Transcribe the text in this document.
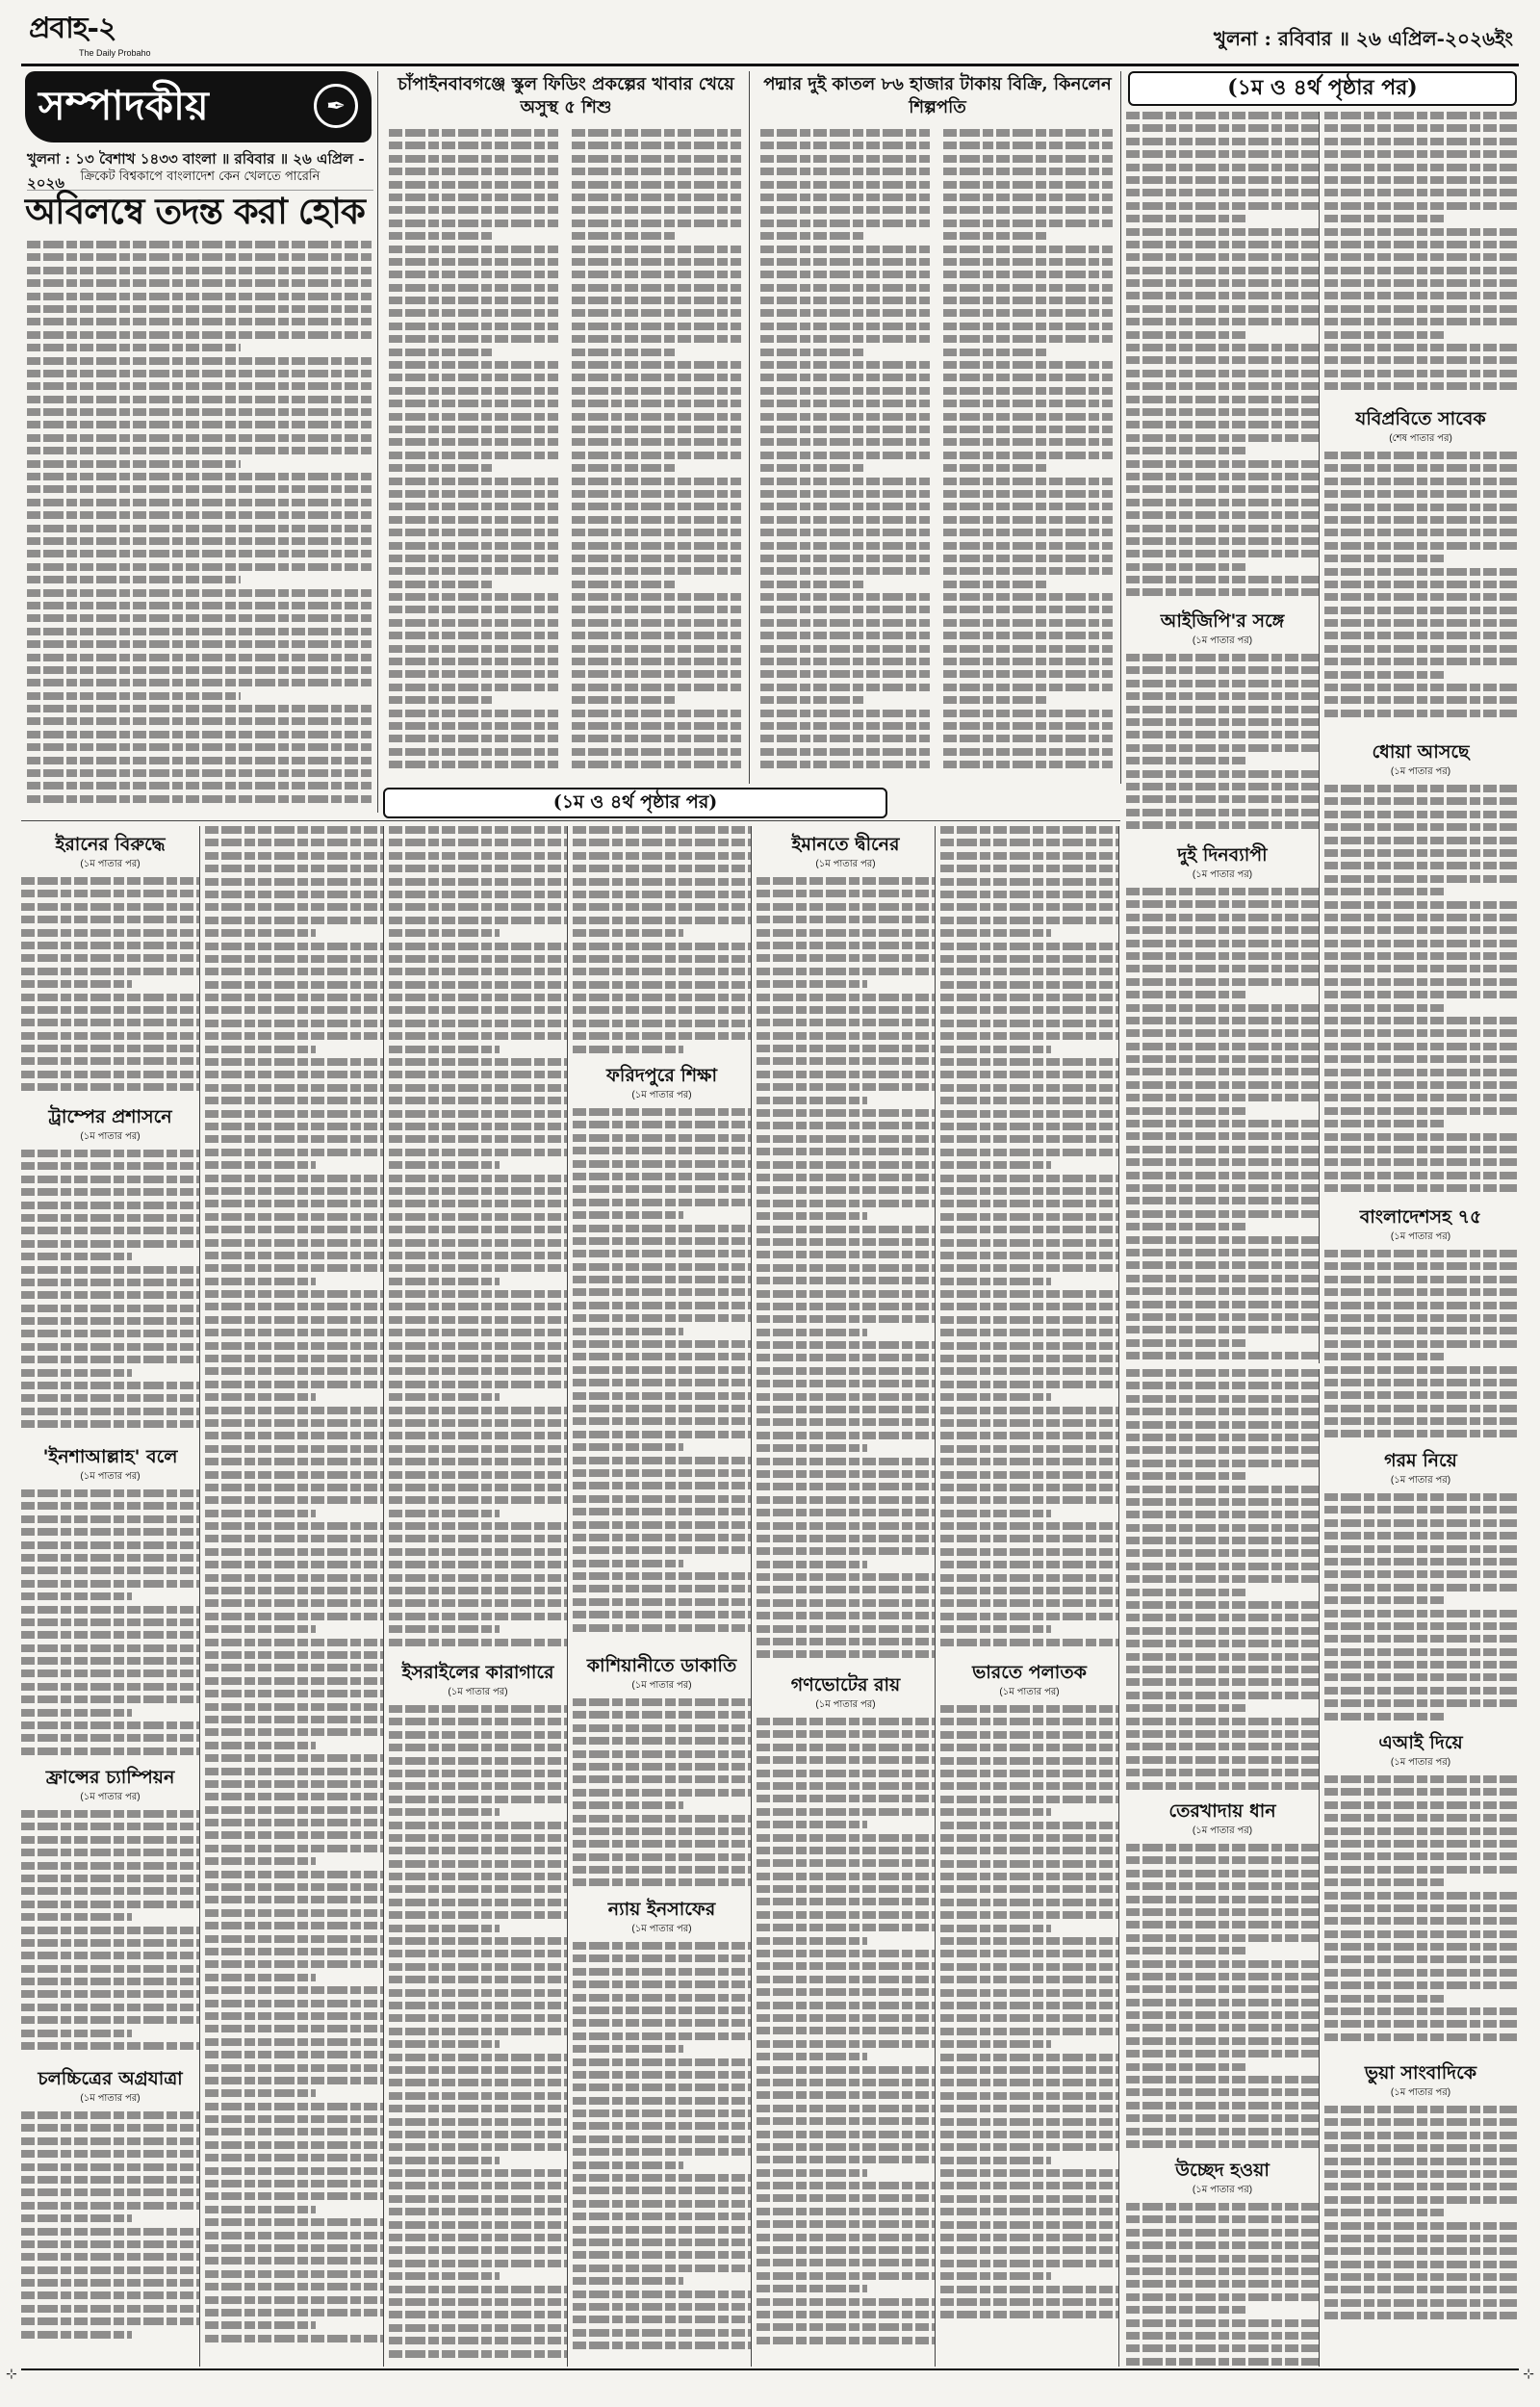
প্রবাহ-২
The Daily Probaho
খুলনা : রবিবার ॥ ২৬ এপ্রিল-২০২৬ইং
সম্পাদকীয়	✒
খুলনা : ১৩ বৈশাখ ১৪৩৩ বাংলা ॥ রবিবার ॥ ২৬ এপ্রিল - ২০২৬	ক্রিকেট বিশ্বকাপে বাংলাদেশ কেন খেলতে পারেনি
অবিলম্বে তদন্ত করা হোক
চাঁপাইনবাবগঞ্জে স্কুল ফিডিং প্রকল্পের খাবার খেয়ে অসুস্থ ৫ শিশু
পদ্মার দুই কাতল ৮৬ হাজার টাকায় বিক্রি, কিনলেন শিল্পপতি
(১ম ও ৪র্থ পৃষ্ঠার পর)
আইজিপি'র সঙ্গে
(১ম পাতার পর)
দুই দিনব্যাপী
(১ম পাতার পর)
যবিপ্রবিতে সাবেক
(শেষ পাতার পর)
(১ম ও ৪র্থ পৃষ্ঠার পর)
ইরানের বিরুদ্ধে
(১ম পাতার পর)
ট্রাম্পের প্রশাসনে
(১ম পাতার পর)
'ইনশাআল্লাহ' বলে
(১ম পাতার পর)
ফ্রান্সের চ্যাম্পিয়ন
(১ম পাতার পর)
চলচ্চিত্রের অগ্রযাত্রা
(১ম পাতার পর)
ইসরাইলের কারাগারে
(১ম পাতার পর)
ফরিদপুরে শিক্ষা
(১ম পাতার পর)
কাশিয়ানীতে ডাকাতি
(১ম পাতার পর)
ন্যায় ইনসাফের
(১ম পাতার পর)
ইমানতে দ্বীনের
(১ম পাতার পর)
গণভোটের রায়
(১ম পাতার পর)
ভারতে পলাতক
(১ম পাতার পর)
তেরখাদায় ধান
(১ম পাতার পর)
উচ্ছেদ হওয়া
(১ম পাতার পর)
ধোয়া আসছে
(১ম পাতার পর)
বাংলাদেশসহ ৭৫
(১ম পাতার পর)
গরম নিয়ে
(১ম পাতার পর)
এআই দিয়ে
(১ম পাতার পর)
ভুয়া সাংবাদিকে
(১ম পাতার পর)
⊹	⊹
